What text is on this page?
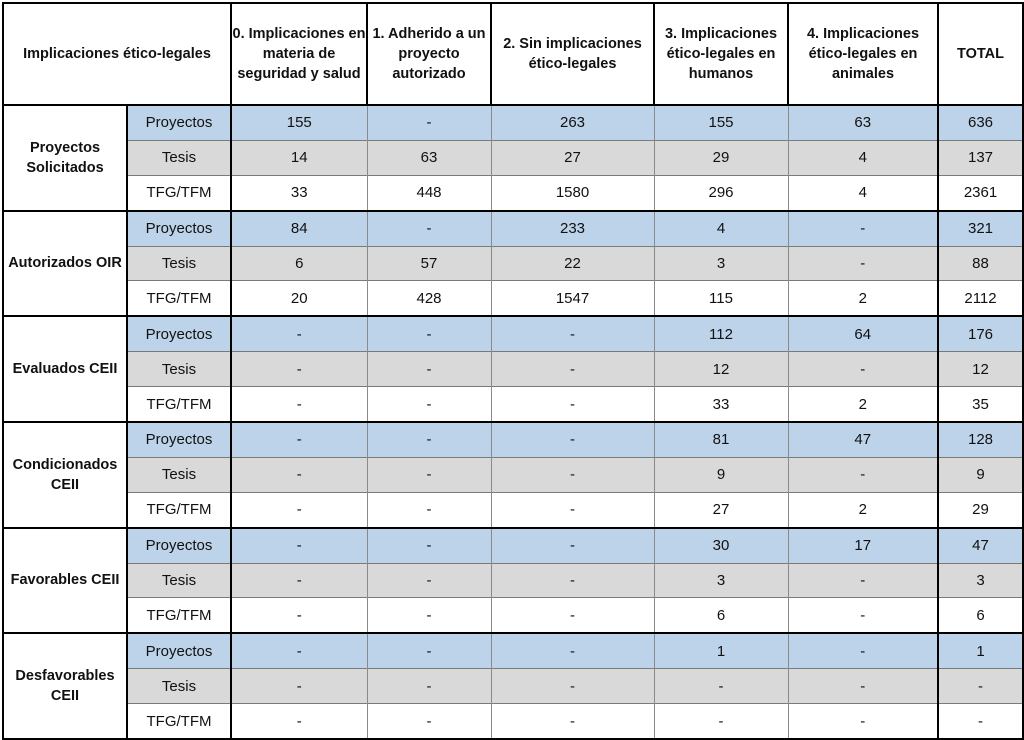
Implicaciones ético-legales		0. Implicaciones en materia de seguridad y salud	1. Adherido a un proyecto autorizado	2. Sin implicaciones ético-legales	3. Implicaciones ético-legales en humanos	4. Implicaciones ético-legales en animales	TOTAL
Proyectos Solicitados	Proyectos	155	-	263	155	63	636
	Tesis	14	63	27	29	4	137
	TFG/TFM	33	448	1580	296	4	2361
Autorizados OIR	Proyectos	84	-	233	4	-	321
	Tesis	6	57	22	3	-	88
	TFG/TFM	20	428	1547	115	2	2112
Evaluados CEII	Proyectos	-	-	-	112	64	176
	Tesis	-	-	-	12	-	12
	TFG/TFM	-	-	-	33	2	35
Condicionados CEII	Proyectos	-	-	-	81	47	128
	Tesis	-	-	-	9	-	9
	TFG/TFM	-	-	-	27	2	29
Favorables CEII	Proyectos	-	-	-	30	17	47
	Tesis	-	-	-	3	-	3
	TFG/TFM	-	-	-	6	-	6
Desfavorables CEII	Proyectos	-	-	-	1	-	1
	Tesis	-	-	-	-	-	-
	TFG/TFM	-	-	-	-	-	-
